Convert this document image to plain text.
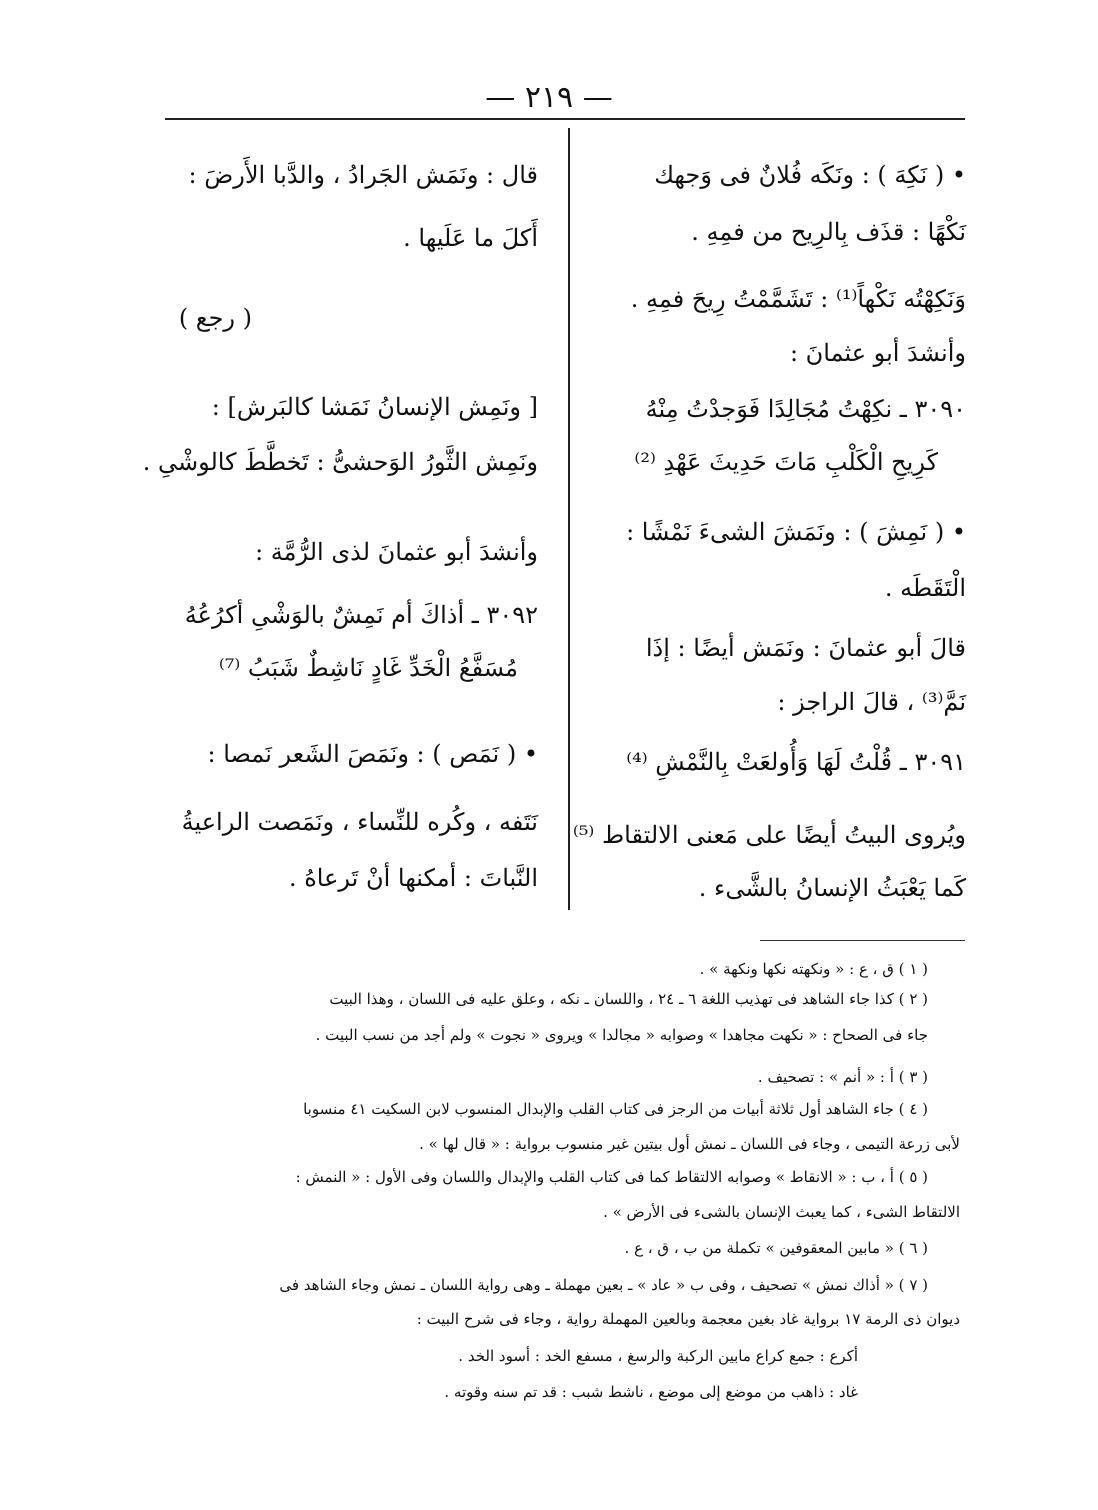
— ٢١٩ —
• ( نَكِهَ ) : ونَكَه فُلانٌ فى وَجهك
نَكْهًا : قذَف بِالرِيح من فمِهِ .
وَنَكِهْتُه نَكْهاً⁽¹⁾ : تَشَمَّمْتُ رِيحَ فمِهِ .
وأنشدَ أبو عثمانَ :
٣٠٩٠ ـ نكِهْتُ مُجَالِدًا فَوَجدْتُ مِنْهُ
كَرِيحِ الْكَلْبِ مَاتَ حَدِيثَ عَهْدِ ⁽²⁾
• ( نَمِشَ ) : ونَمَشَ الشىءَ نَمْشًا :
الْتَقَطَه .
قالَ أبو عثمانَ : ونَمَش أيضًا : إذَا
نَمَّ⁽³⁾ ، قالَ الراجز :
٣٠٩١ ـ قُلْتُ لَهَا وَأُولعَتْ بِالنَّمْشِ ⁽⁴⁾
ويُروى البيتُ أيضًا على مَعنى الالتقاط ⁽⁵⁾
كَما يَعْبَثُ الإنسانُ بالشَّىء .
قال : ونَمَش الجَرادُ ، والدَّبا الأَرضَ :
أَكلَ ما عَلَيها .
( رجع )
[ ونَمِش الإنسانُ نَمَشا كالبَرش] :
ونَمِش الثَّورُ الوَحشىُّ : تَخطَّطَ كالوشْىِ .
وأنشدَ أبو عثمانَ لذى الرُّمَّة :
٣٠٩٢ ـ أذاكَ أم نَمِشٌ بالوَشْىِ أكرُعُهُ
مُسَفَّعُ الْخَدِّ غَادٍ نَاشِطٌ شَبَبُ ⁽⁷⁾
• ( نَمَص ) : ونَمَصَ الشَعر نَمصا :
نَتَفه ، وكُره للنِّساء ، ونَمَصت الراعيةُ
النَّباتَ : أمكنها أنْ تَرعاهُ .
( ١ ) ق ، ع : « ونكهته نكها ونكهة » .
( ٢ ) كذا جاء الشاهد فى تهذيب اللغة ٦ ـ ٢٤ ، واللسان ـ نكه ، وعلق عليه فى اللسان ، وهذا البيت
جاء فى الصحاح : « نكهت مجاهدا » وصوابه « مجالدا » ويروى « نجوت » ولم أجد من نسب البيت .
( ٣ ) أ : « أنم » : تصحيف .
( ٤ ) جاء الشاهد أول ثلاثة أبيات من الرجز فى كتاب القلب والإبدال المنسوب لابن السكيت ٤١ منسوبا
لأبى زرعة التيمى ، وجاء فى اللسان ـ نمش أول بيتين غير منسوب برواية : « قال لها » .
( ٥ ) أ ، ب : « الانقاط » وصوابه الالتقاط كما فى كتاب القلب والإبدال واللسان وفى الأول : « النمش :
الالتقاط الشىء ، كما يعبث الإنسان بالشىء فى الأرض » .
( ٦ ) « مابين المعقوفين » تكملة من ب ، ق ، ع .
( ٧ ) « أذاك نمش » تصحيف ، وفى ب « عاد » ـ بعين مهملة ـ وهى رواية اللسان ـ نمش وجاء الشاهد فى
ديوان ذى الرمة ١٧ برواية غاد بغين معجمة وبالعين المهملة رواية ، وجاء فى شرح البيت :
أكرع : جمع كراع مابين الركبة والرسغ ، مسفع الخد : أسود الخد .
غاد : ذاهب من موضع إلى موضع ، ناشط شبب : قد تم سنه وقوته .
